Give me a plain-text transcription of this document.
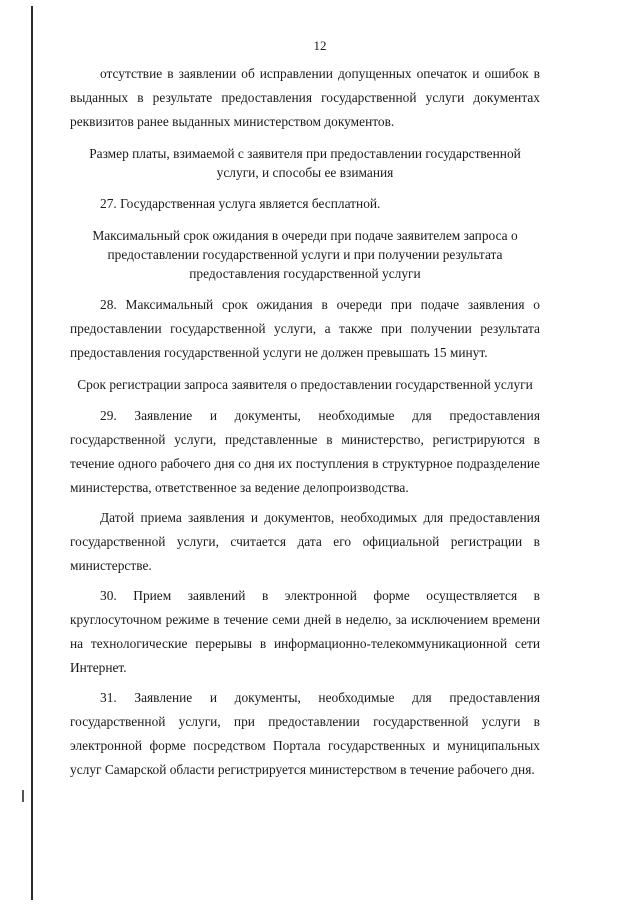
12

отсутствие в заявлении об исправлении допущенных опечаток и ошибок в выданных в результате предоставления государственной услуги документах реквизитов ранее выданных министерством документов.

Размер платы, взимаемой с заявителя при предоставлении государственной услуги, и способы ее взимания

27. Государственная услуга является бесплатной.

Максимальный срок ожидания в очереди при подаче заявителем запроса о предоставлении государственной услуги и при получении результата предоставления государственной услуги

28. Максимальный срок ожидания в очереди при подаче заявления о предоставлении государственной услуги, а также при получении результата предоставления государственной услуги не должен превышать 15 минут.

Срок регистрации запроса заявителя о предоставлении государственной услуги

29. Заявление и документы, необходимые для предоставления государственной услуги, представленные в министерство, регистрируются в течение одного рабочего дня со дня их поступления в структурное подразделение министерства, ответственное за ведение делопроизводства.

Датой приема заявления и документов, необходимых для предоставления государственной услуги, считается дата его официальной регистрации в министерстве.

30. Прием заявлений в электронной форме осуществляется в круглосуточном режиме в течение семи дней в неделю, за исключением времени на технологические перерывы в информационно-телекоммуникационной сети Интернет.

31. Заявление и документы, необходимые для предоставления государственной услуги, при предоставлении государственной услуги в электронной форме посредством Портала государственных и муниципальных услуг Самарской области регистрируется министерством в течение рабочего дня.
